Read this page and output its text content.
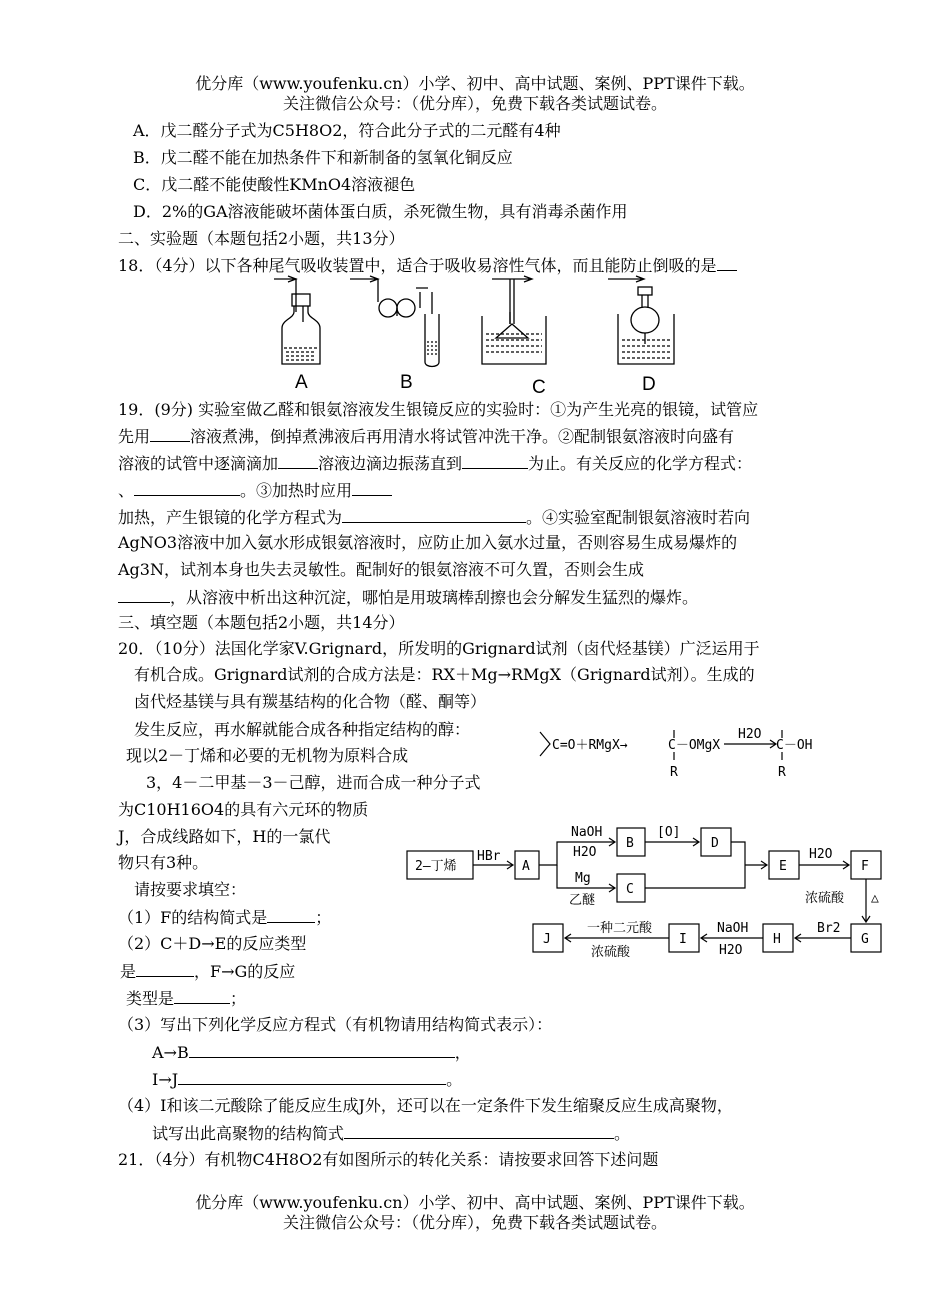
优分库（www.youfenku.cn）小学、初中、高中试题、案例、PPT课件下载。
关注微信公众号：（优分库），免费下载各类试题试卷。
A．戊二醛分子式为C5H8O2，符合此分子式的二元醛有4种
B．戊二醛不能在加热条件下和新制备的氢氧化铜反应
C．戊二醛不能使酸性KMnO4溶液褪色
D．2%的GA溶液能破坏菌体蛋白质，杀死微生物，具有消毒杀菌作用
二、实验题（本题包括2小题，共13分）
18．（4分）以下各种尾气吸收装置中，适合于吸收易溶性气体，而且能防止倒吸的是
A	B	C	D
19．(9分) 实验室做乙醛和银氨溶液发生银镜反应的实验时：①为产生光亮的银镜，试管应
先用	溶液煮沸，倒掉煮沸液后再用清水将试管冲洗干净。②配制银氨溶液时向盛有
溶液的试管中逐滴滴加	溶液边滴边振荡直到	为止。有关反应的化学方程式：
、	。③加热时应用
加热，产生银镜的化学方程式为	。④实验室配制银氨溶液时若向
AgNO3溶液中加入氨水形成银氨溶液时，应防止加入氨水过量，否则容易生成易爆炸的
Ag3N，试剂本身也失去灵敏性。配制好的银氨溶液不可久置，否则会生成
，从溶液中析出这种沉淀，哪怕是用玻璃棒刮擦也会分解发生猛烈的爆炸。
三、填空题（本题包括2小题，共14分）
20．（10分）法国化学家V.Grignard，所发明的Grignard试剂（卤代烃基镁）广泛运用于
有机合成。Grignard试剂的合成方法是：RX＋Mg→RMgX（Grignard试剂）。生成的
卤代烃基镁与具有羰基结构的化合物（醛、酮等）
发生反应，再水解就能合成各种指定结构的醇：
现以2－丁烯和必要的无机物为原料合成
3，4－二甲基－3－己醇，进而合成一种分子式
为C10H16O4的具有六元环的物质
J，合成线路如下，H的一氯代
物只有3种。
请按要求填空：
（1）F的结构简式是	；
（2）C＋D→E的反应类型
是	，F→G的反应
类型是	；
（3）写出下列化学反应方程式（有机物请用结构简式表示）：
A→B	，
I→J	。
（4）I和该二元酸除了能反应生成J外，还可以在一定条件下发生缩聚反应生成高聚物，
试写出此高聚物的结构简式	。
21．（4分）有机物C4H8O2有如图所示的转化关系：请按要求回答下述问题
C=O＋RMgX→	C－OMgX
H2O
C－OH
R	R
2—丁烯
HBr
A
NaOH
H2O
Mg
乙醚
B
C
[O]
D
E
H2O
F
浓硫酸 △
G
Br2
H
NaOH
H2O
I
一种二元酸
浓硫酸
J
优分库（www.youfenku.cn）小学、初中、高中试题、案例、PPT课件下载。
关注微信公众号：（优分库），免费下载各类试题试卷。
